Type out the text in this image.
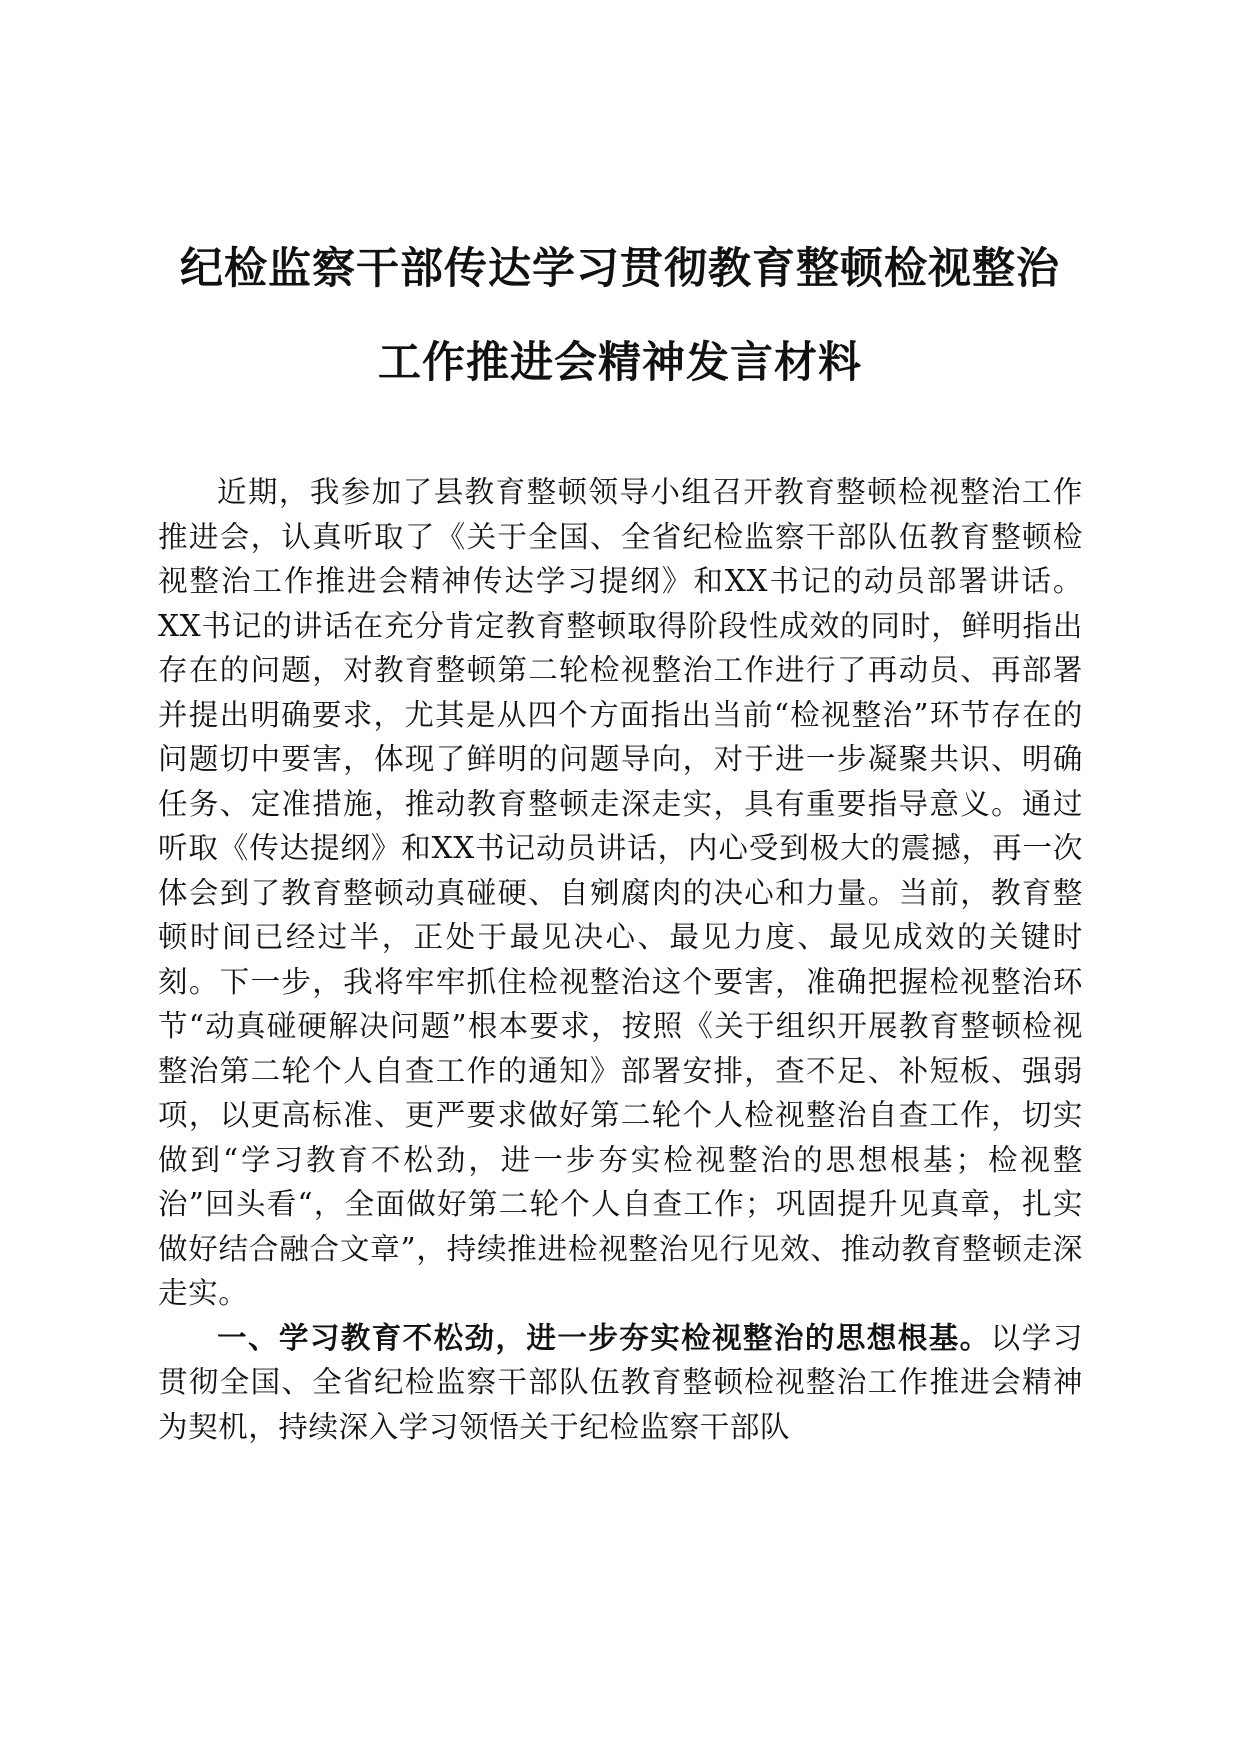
纪检监察干部传达学习贯彻教育整顿检视整治

工作推进会精神发言材料

近期，我参加了县教育整顿领导小组召开教育整顿检视整治工作推进会，认真听取了《关于全国、全省纪检监察干部队伍教育整顿检视整治工作推进会精神传达学习提纲》和XX书记的动员部署讲话。XX书记的讲话在充分肯定教育整顿取得阶段性成效的同时，鲜明指出存在的问题，对教育整顿第二轮检视整治工作进行了再动员、再部署并提出明确要求，尤其是从四个方面指出当前“检视整治”环节存在的问题切中要害，体现了鲜明的问题导向，对于进一步凝聚共识、明确任务、定准措施，推动教育整顿走深走实，具有重要指导意义。通过听取《传达提纲》和XX书记动员讲话，内心受到极大的震撼，再一次体会到了教育整顿动真碰硬、自剜腐肉的决心和力量。当前，教育整顿时间已经过半，正处于最见决心、最见力度、最见成效的关键时刻。下一步，我将牢牢抓住检视整治这个要害，准确把握检视整治环节“动真碰硬解决问题”根本要求，按照《关于组织开展教育整顿检视整治第二轮个人自查工作的通知》部署安排，查不足、补短板、强弱项，以更高标准、更严要求做好第二轮个人检视整治自查工作，切实做到“学习教育不松劲，进一步夯实检视整治的思想根基；检视整治”回头看“，全面做好第二轮个人自查工作；巩固提升见真章，扎实做好结合融合文章”，持续推进检视整治见行见效、推动教育整顿走深走实。

一、学习教育不松劲，进一步夯实检视整治的思想根基。以学习贯彻全国、全省纪检监察干部队伍教育整顿检视整治工作推进会精神为契机，持续深入学习领悟关于纪检监察干部队
